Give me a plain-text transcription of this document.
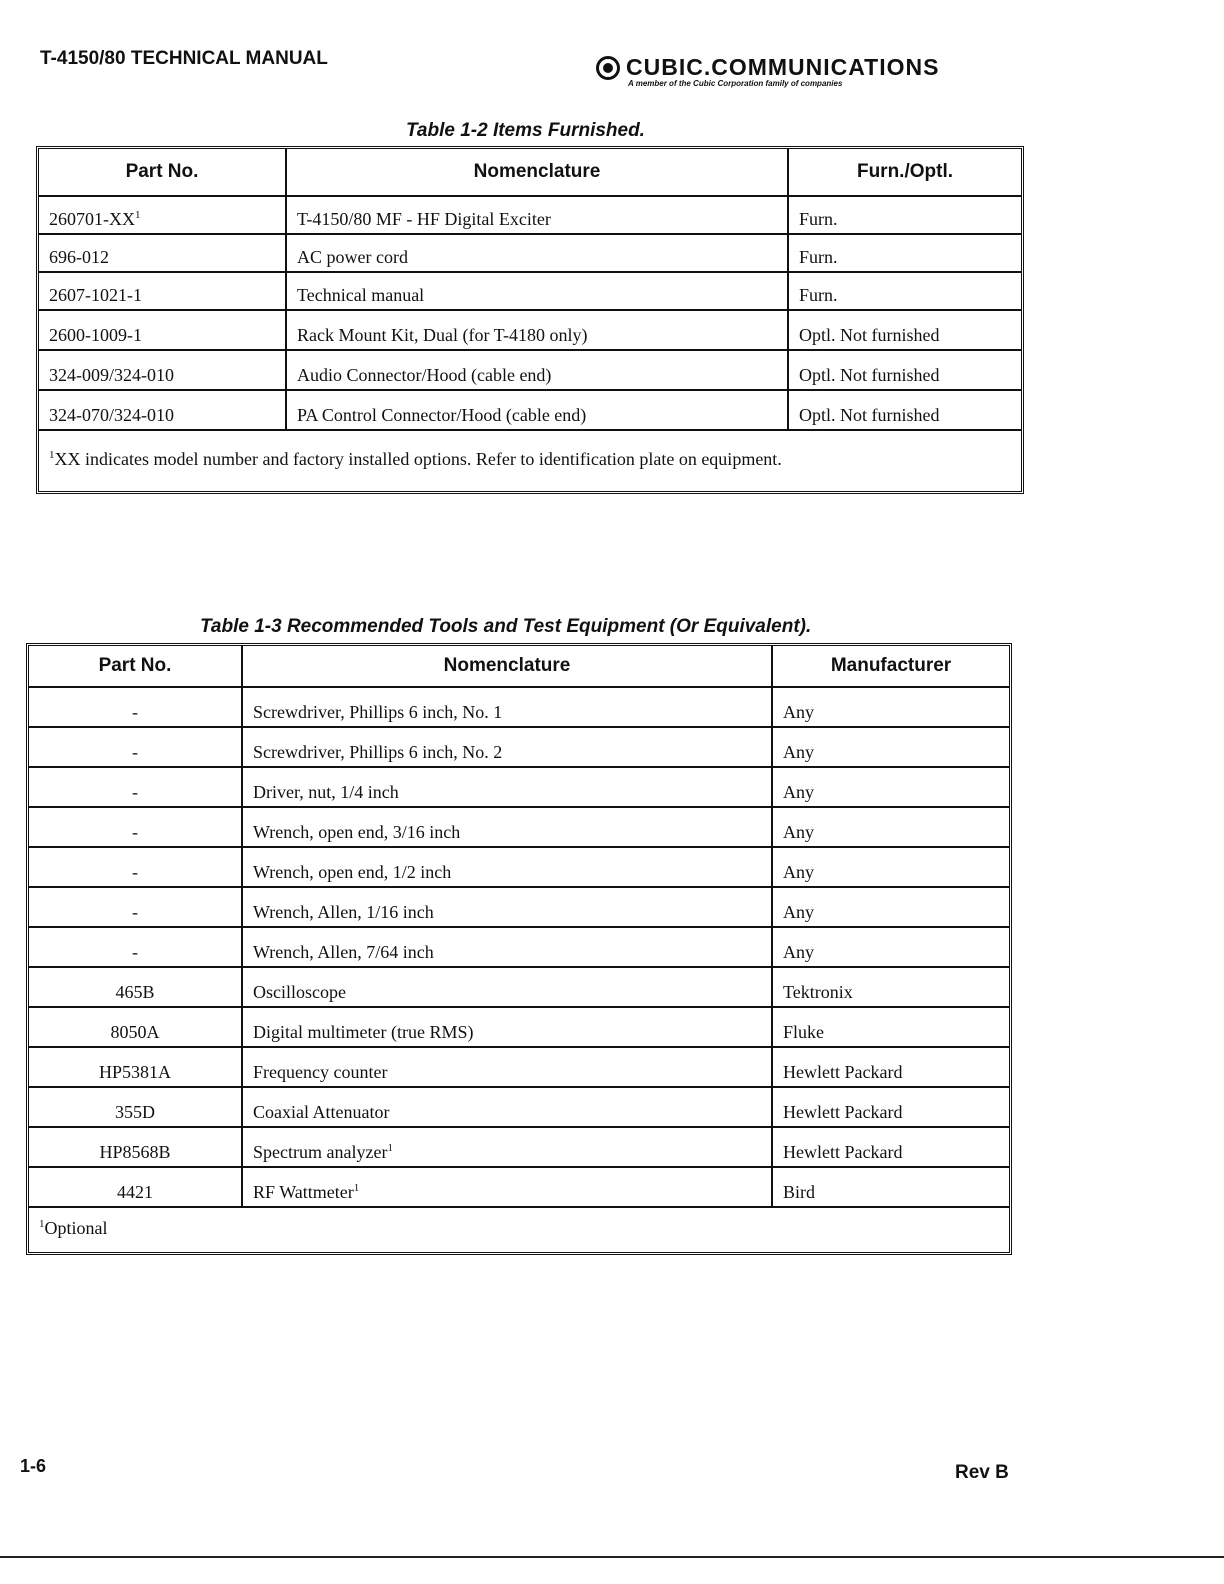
T-4150/80 TECHNICAL MANUAL	CUBIC.COMMUNICATIONS
A member of the Cubic Corporation family of companies
Table 1-2 Items Furnished.
Part No.	Nomenclature	Furn./Optl.
$260701-XX^1$	T-4150/80 MF - HF Digital Exciter	Furn.
696-012	AC power cord	Furn.
2607-1021-1	Technical manual	Furn.
2600-1009-1	Rack Mount Kit, Dual (for T-4180 only)	Optl. Not furnished
324-009/324-010	Audio Connector/Hood (cable end)	Optl. Not furnished
324-070/324-010	PA Control Connector/Hood (cable end)	Optl. Not furnished
$^1$XX indicates model number and factory installed options. Refer to identification plate on equipment.		
Table 1-3 Recommended Tools and Test Equipment (Or Equivalent).
Part No.	Nomenclature	Manufacturer
-	Screwdriver, Phillips 6 inch, No. 1	Any
-	Screwdriver, Phillips 6 inch, No. 2	Any
-	Driver, nut, 1/4 inch	Any
-	Wrench, open end, 3/16 inch	Any
-	Wrench, open end, 1/2 inch	Any
-	Wrench, Allen, 1/16 inch	Any
-	Wrench, Allen, 7/64 inch	Any
465B	Oscilloscope	Tektronix
8050A	Digital multimeter (true RMS)	Fluke
HP5381A	Frequency counter	Hewlett Packard
355D	Coaxial Attenuator	Hewlett Packard
HP8568B	Spectrum analyzer$^1$	Hewlett Packard
4421	RF Wattmeter$^1$	Bird
$^1$Optional		
1-6	Rev B
